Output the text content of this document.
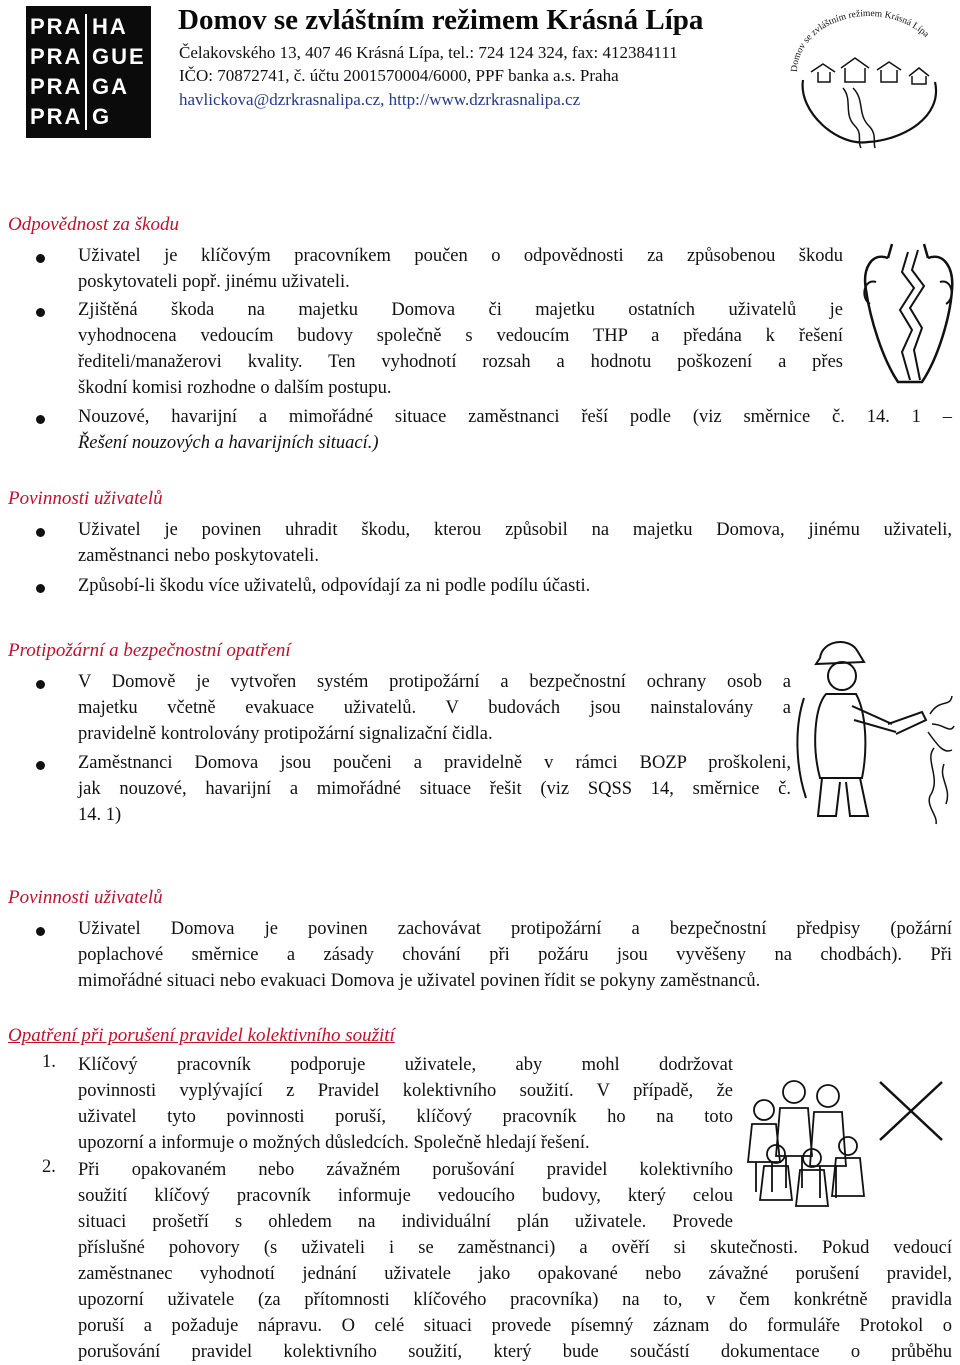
PRA HA
PRA GUE
PRA GA
PRA G
Domov se zvláštním režimem Krásná Lípa
Čelakovského 13, 407 46 Krásná Lípa, tel.: 724 124 324, fax: 412384111
IČO: 70872741, č. účtu 2001570004/6000, PPF banka a.s. Praha
havlickova@dzrkrasnalipa.cz, http://www.dzrkrasnalipa.cz
Domov se zvláštním režimem Krásná Lípa
Odpovědnost za škodu
Uživatel je klíčovým pracovníkem poučen o odpovědnosti za způsobenou škodu
poskytovateli popř. jinému uživateli.
Zjištěná škoda na majetku Domova či majetku ostatních uživatelů je
vyhodnocena vedoucím budovy společně s vedoucím THP a předána k řešení
řediteli/manažerovi kvality. Ten vyhodnotí rozsah a hodnotu poškození a přes
škodní komisi rozhodne o dalším postupu.
Nouzové, havarijní a mimořádné situace zaměstnanci řeší podle (viz směrnice č. 14. 1 –
Řešení nouzových a havarijních situací.)
Povinnosti uživatelů
Uživatel je povinen uhradit škodu, kterou způsobil na majetku Domova, jinému uživateli,
zaměstnanci nebo poskytovateli.
Způsobí-li škodu více uživatelů, odpovídají za ni podle podílu účasti.
Protipožární a bezpečnostní opatření
V Domově je vytvořen systém protipožární a bezpečnostní ochrany osob a
majetku včetně evakuace uživatelů. V budovách jsou nainstalovány a
pravidelně kontrolovány protipožární signalizační čidla.
Zaměstnanci Domova jsou poučeni a pravidelně v rámci BOZP proškoleni,
jak nouzové, havarijní a mimořádné situace řešit (viz SQSS 14, směrnice č.
14. 1)
Povinnosti uživatelů
Uživatel Domova je povinen zachovávat protipožární a bezpečnostní předpisy (požární
poplachové směrnice a zásady chování při požáru jsou vyvěšeny na chodbách). Při
mimořádné situaci nebo evakuaci Domova je uživatel povinen řídit se pokyny zaměstnanců.
Opatření při porušení pravidel kolektivního soužití
1. Klíčový pracovník podporuje uživatele, aby mohl dodržovat
povinnosti vyplývající z Pravidel kolektivního soužití. V případě, že
uživatel tyto povinnosti poruší, klíčový pracovník ho na toto
upozorní a informuje o možných důsledcích. Společně hledají řešení.
2. Při opakovaném nebo závažném porušování pravidel kolektivního
soužití klíčový pracovník informuje vedoucího budovy, který celou
situaci prošetří s ohledem na individuální plán uživatele. Provede
příslušné pohovory (s uživateli i se zaměstnanci) a ověří si skutečnosti. Pokud vedoucí
zaměstnanec vyhodnotí jednání uživatele jako opakované nebo závažné porušení pravidel,
upozorní uživatele (za přítomnosti klíčového pracovníka) na to, v čem konkrétně pravidla
poruší a požaduje nápravu. O celé situaci provede písemný záznam do formuláře Protokol o
porušování pravidel kolektivního soužití, který bude součástí dokumentace o průběhu
